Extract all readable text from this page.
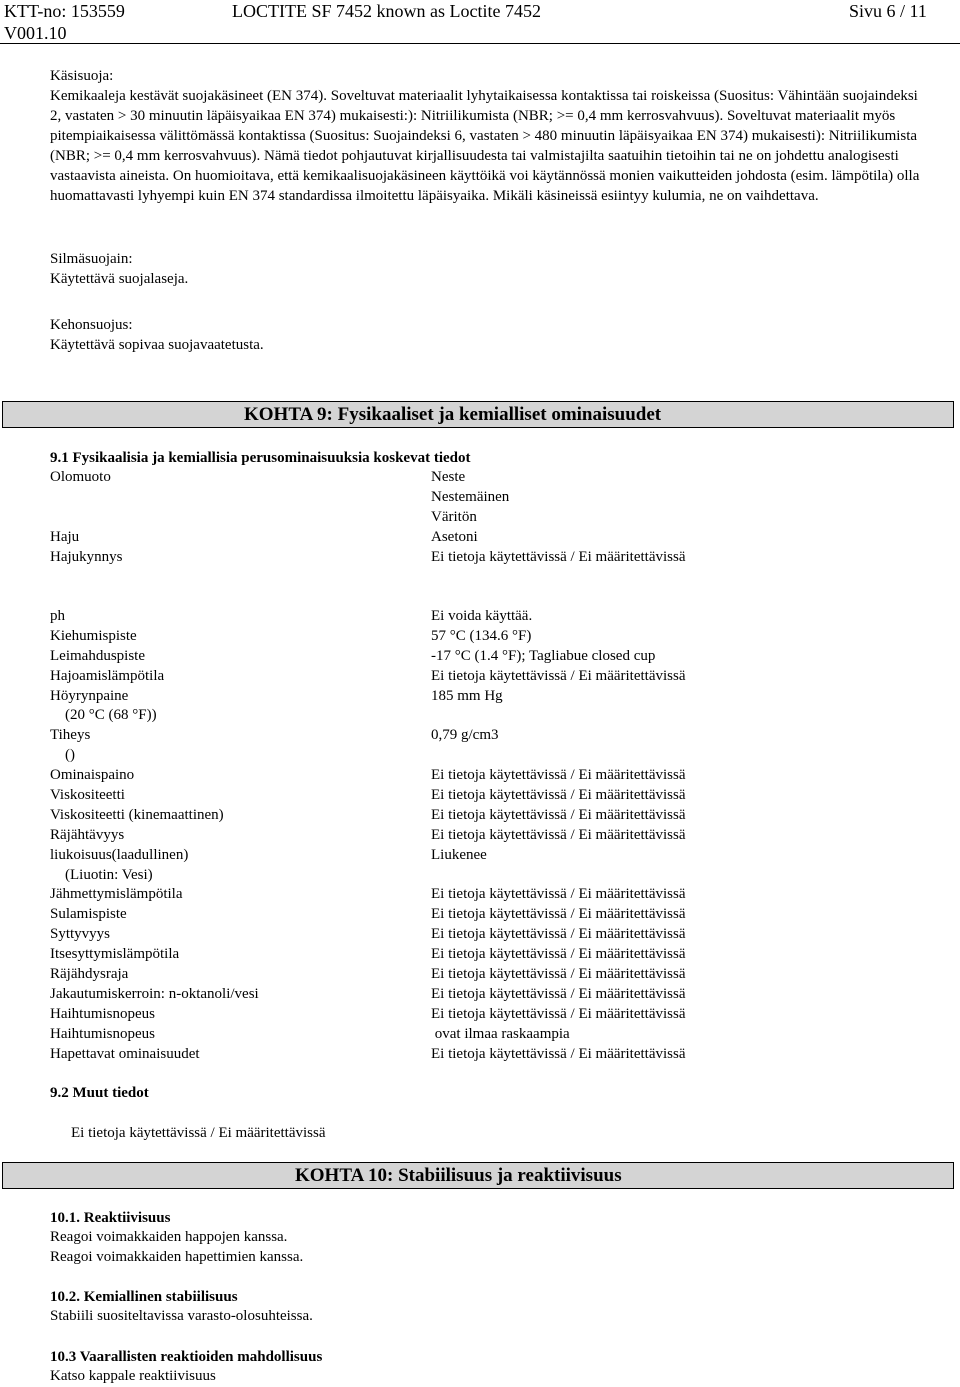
KTT-no: 153559
V001.10
LOCTITE SF 7452 known as Loctite 7452	Sivu 6 / 11
Käsisuoja:
Kemikaaleja kestävät suojakäsineet (EN 374). Soveltuvat materiaalit lyhytaikaisessa kontaktissa tai roiskeissa (Suositus: Vähintään suojaindeksi 2, vastaten > 30 minuutin läpäisyaikaa EN 374) mukaisesti:): Nitriilikumista (NBR; >= 0,4 mm kerrosvahvuus). Soveltuvat materiaalit myös pitempiaikaisessa välittömässä kontaktissa (Suositus: Suojaindeksi 6, vastaten > 480 minuutin läpäisyaikaa EN 374) mukaisesti): Nitriilikumista (NBR; >= 0,4 mm kerrosvahvuus). Nämä tiedot pohjautuvat kirjallisuudesta tai valmistajilta saatuihin tietoihin tai ne on johdettu analogisesti vastaavista aineista. On huomioitava, että kemikaalisuojakäsineen käyttöikä voi käytännössä monien vaikutteiden johdosta (esim. lämpötila) olla huomattavasti lyhyempi kuin EN 374 standardissa ilmoitettu läpäisyaika. Mikäli käsineissä esiintyy kulumia, ne on vaihdettava.
Silmäsuojain:
Käytettävä suojalaseja.
Kehonsuojus:
Käytettävä sopivaa suojavaatetusta.
KOHTA 9: Fysikaaliset ja kemialliset ominaisuudet
9.1 Fysikaalisia ja kemiallisia perusominaisuuksia koskevat tiedot
Olomuoto	Neste
Nestemäinen
Väritön
Haju	Asetoni
Hajukynnys	Ei tietoja käytettävissä / Ei määritettävissä
ph	Ei voida käyttää.
Kiehumispiste	57 °C (134.6 °F)
Leimahduspiste	-17 °C (1.4 °F); Tagliabue closed cup
Hajoamislämpötila	Ei tietoja käytettävissä / Ei määritettävissä
Höyrynpaine	185 mm Hg
(20 °C (68 °F))
Tiheys	0,79 g/cm3
()
Ominaispaino	Ei tietoja käytettävissä / Ei määritettävissä
Viskositeetti	Ei tietoja käytettävissä / Ei määritettävissä
Viskositeetti (kinemaattinen)	Ei tietoja käytettävissä / Ei määritettävissä
Räjähtävyys	Ei tietoja käytettävissä / Ei määritettävissä
liukoisuus(laadullinen)	Liukenee
(Liuotin: Vesi)
Jähmettymislämpötila	Ei tietoja käytettävissä / Ei määritettävissä
Sulamispiste	Ei tietoja käytettävissä / Ei määritettävissä
Syttyvyys	Ei tietoja käytettävissä / Ei määritettävissä
Itsesyttymislämpötila	Ei tietoja käytettävissä / Ei määritettävissä
Räjähdysraja	Ei tietoja käytettävissä / Ei määritettävissä
Jakautumiskerroin: n-oktanoli/vesi	Ei tietoja käytettävissä / Ei määritettävissä
Haihtumisnopeus	Ei tietoja käytettävissä / Ei määritettävissä
Haihtumisnopeus	ovat ilmaa raskaampia
Hapettavat ominaisuudet	Ei tietoja käytettävissä / Ei määritettävissä
9.2 Muut tiedot
Ei tietoja käytettävissä / Ei määritettävissä
KOHTA 10: Stabiilisuus ja reaktiivisuus
10.1. Reaktiivisuus
Reagoi voimakkaiden happojen kanssa.
Reagoi voimakkaiden hapettimien kanssa.
10.2. Kemiallinen stabiilisuus
Stabiili suositeltavissa varasto-olosuhteissa.
10.3 Vaarallisten reaktioiden mahdollisuus
Katso kappale reaktiivisuus
